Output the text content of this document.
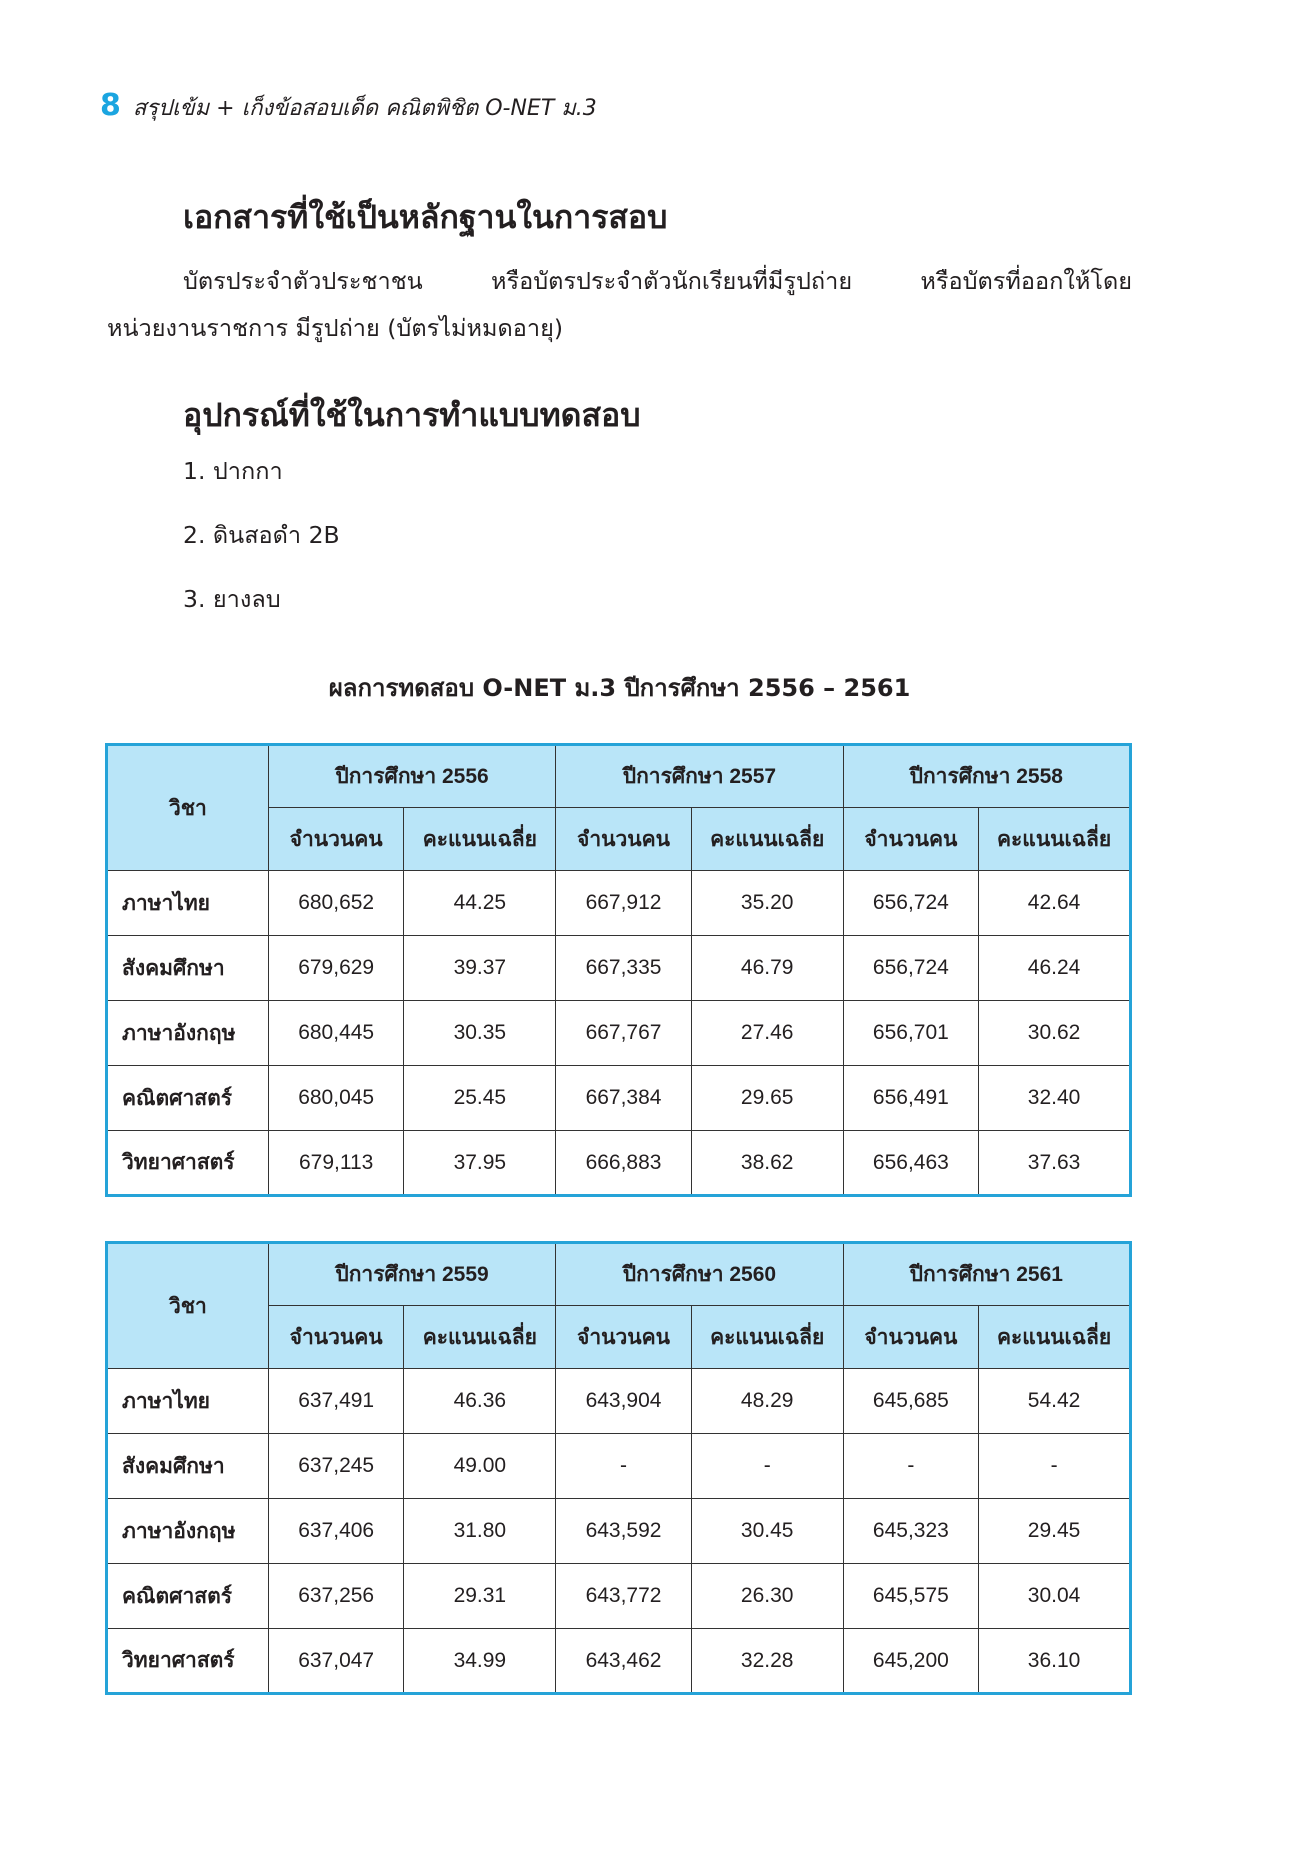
8 สรุปเข้ม + เก็งข้อสอบเด็ด คณิตพิชิต O-NET ม.3
เอกสารที่ใช้เป็นหลักฐานในการสอบ

บัตรประจำตัวประชาชน หรือบัตรประจำตัวนักเรียนที่มีรูปถ่าย หรือบัตรที่ออกให้โดย
หน่วยงานราชการ มีรูปถ่าย (บัตรไม่หมดอายุ)

อุปกรณ์ที่ใช้ในการทำแบบทดสอบ
1. ปากกา
2. ดินสอดำ 2B
3. ยางลบ
ผลการทดสอบ O-NET ม.3 ปีการศึกษา 2556 – 2561
วิชา	ปีการศึกษา 2556		ปีการศึกษา 2557		ปีการศึกษา 2558	
	จำนวนคน	คะแนนเฉลี่ย	จำนวนคน	คะแนนเฉลี่ย	จำนวนคน	คะแนนเฉลี่ย
ภาษาไทย	680,652	44.25	667,912	35.20	656,724	42.64
สังคมศึกษา	679,629	39.37	667,335	46.79	656,724	46.24
ภาษาอังกฤษ	680,445	30.35	667,767	27.46	656,701	30.62
คณิตศาสตร์	680,045	25.45	667,384	29.65	656,491	32.40
วิทยาศาสตร์	679,113	37.95	666,883	38.62	656,463	37.63
วิชา	ปีการศึกษา 2559		ปีการศึกษา 2560		ปีการศึกษา 2561	
	จำนวนคน	คะแนนเฉลี่ย	จำนวนคน	คะแนนเฉลี่ย	จำนวนคน	คะแนนเฉลี่ย
ภาษาไทย	637,491	46.36	643,904	48.29	645,685	54.42
สังคมศึกษา	637,245	49.00	-	-	-	-
ภาษาอังกฤษ	637,406	31.80	643,592	30.45	645,323	29.45
คณิตศาสตร์	637,256	29.31	643,772	26.30	645,575	30.04
วิทยาศาสตร์	637,047	34.99	643,462	32.28	645,200	36.10
